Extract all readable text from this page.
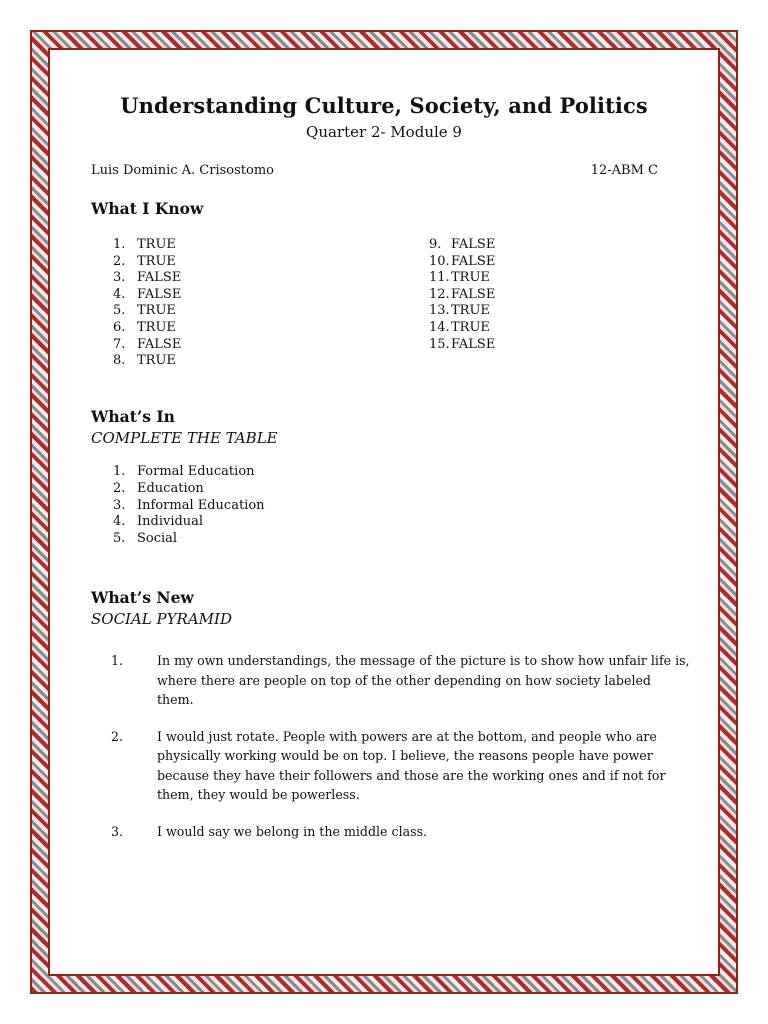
Understanding Culture, Society, and Politics
Quarter 2- Module 9
Luis Dominic A. Crisostomo	12-ABM C
What I Know
1. TRUE
2. TRUE
3. FALSE
4. FALSE
5. TRUE
6. TRUE
7. FALSE
8. TRUE
9. FALSE
10. FALSE
11. TRUE
12. FALSE
13. TRUE
14. TRUE
15. FALSE
What’s In
COMPLETE THE TABLE
1. Formal Education
2. Education
3. Informal Education
4. Individual
5. Social
What’s New
SOCIAL PYRAMID
1.	In my own understandings, the message of the picture is to show how unfair life is, where there are people on top of the other depending on how society labeled them.
2.	I would just rotate. People with powers are at the bottom, and people who are physically working would be on top. I believe, the reasons people have power because they have their followers and those are the working ones and if not for them, they would be powerless.
3.	I would say we belong in the middle class.
